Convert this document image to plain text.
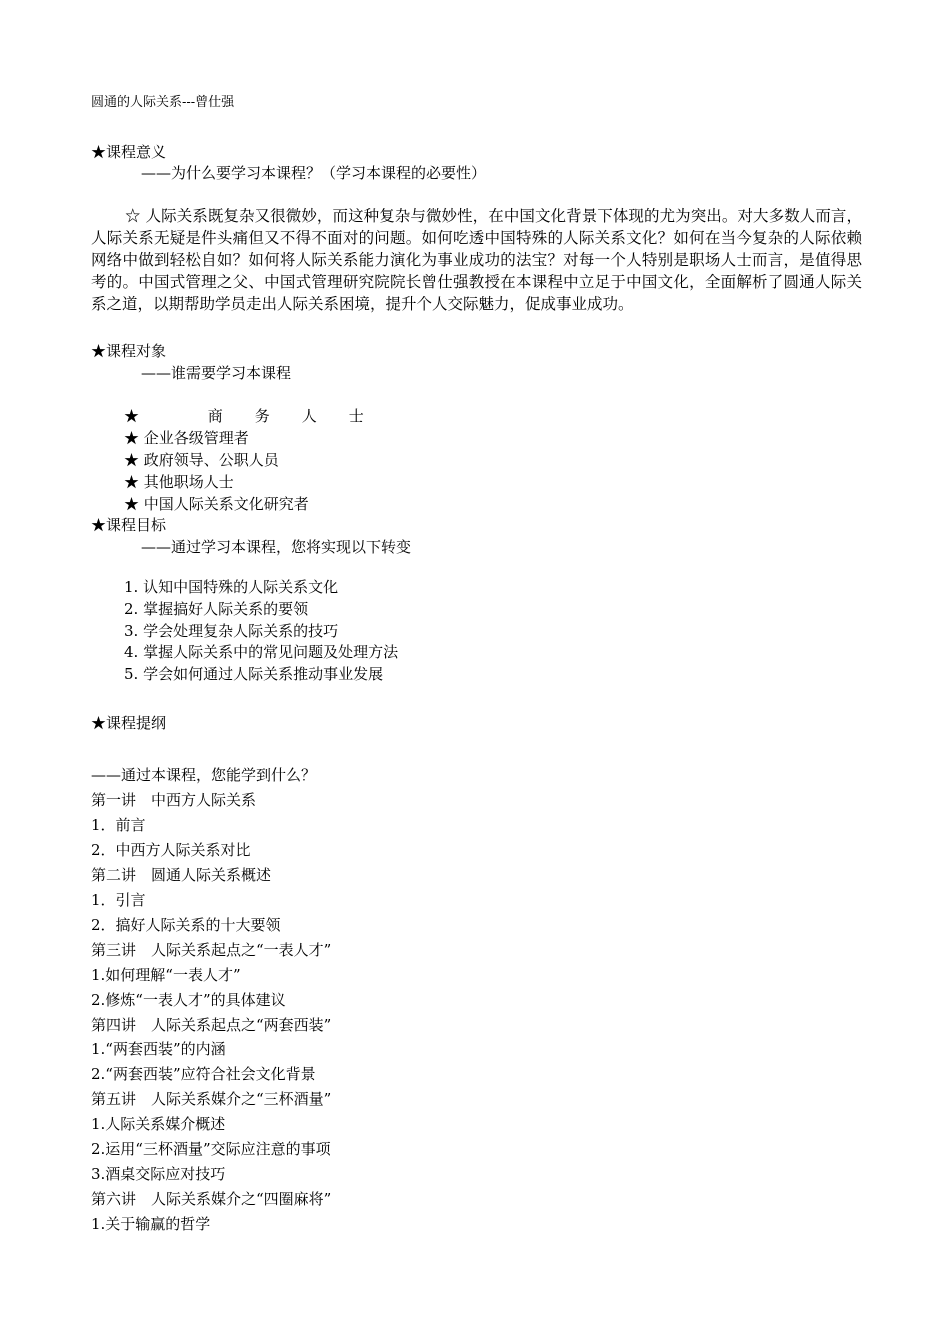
圆通的人际关系---曾仕强
★课程意义
——为什么要学习本课程？（学习本课程的必要性）
☆ 人际关系既复杂又很微妙，而这种复杂与微妙性，在中国文化背景下体现的尤为突出。对大多数人而言，人际关系无疑是件头痛但又不得不面对的问题。如何吃透中国特殊的人际关系文化？如何在当今复杂的人际依赖网络中做到轻松自如？如何将人际关系能力演化为事业成功的法宝？对每一个人特别是职场人士而言，是值得思考的。中国式管理之父、中国式管理研究院院长曾仕强教授在本课程中立足于中国文化，全面解析了圆通人际关系之道，以期帮助学员走出人际关系困境，提升个人交际魅力，促成事业成功。
★课程对象
——谁需要学习本课程
★ 商务人士
★ 企业各级管理者
★ 政府领导、公职人员
★ 其他职场人士
★ 中国人际关系文化研究者
★课程目标
——通过学习本课程，您将实现以下转变
1. 认知中国特殊的人际关系文化
2. 掌握搞好人际关系的要领
3. 学会处理复杂人际关系的技巧
4. 掌握人际关系中的常见问题及处理方法
5. 学会如何通过人际关系推动事业发展
★课程提纲
——通过本课程，您能学到什么？
第一讲　中西方人际关系
1．前言
2．中西方人际关系对比
第二讲　圆通人际关系概述
1．引言
2．搞好人际关系的十大要领
第三讲　人际关系起点之“一表人才”
1.如何理解“一表人才”
2.修炼“一表人才”的具体建议
第四讲　人际关系起点之“两套西装”
1.“两套西装”的内涵
2.“两套西装”应符合社会文化背景
第五讲　人际关系媒介之“三杯酒量”
1.人际关系媒介概述
2.运用“三杯酒量”交际应注意的事项
3.酒桌交际应对技巧
第六讲　人际关系媒介之“四圈麻将”
1.关于输赢的哲学
